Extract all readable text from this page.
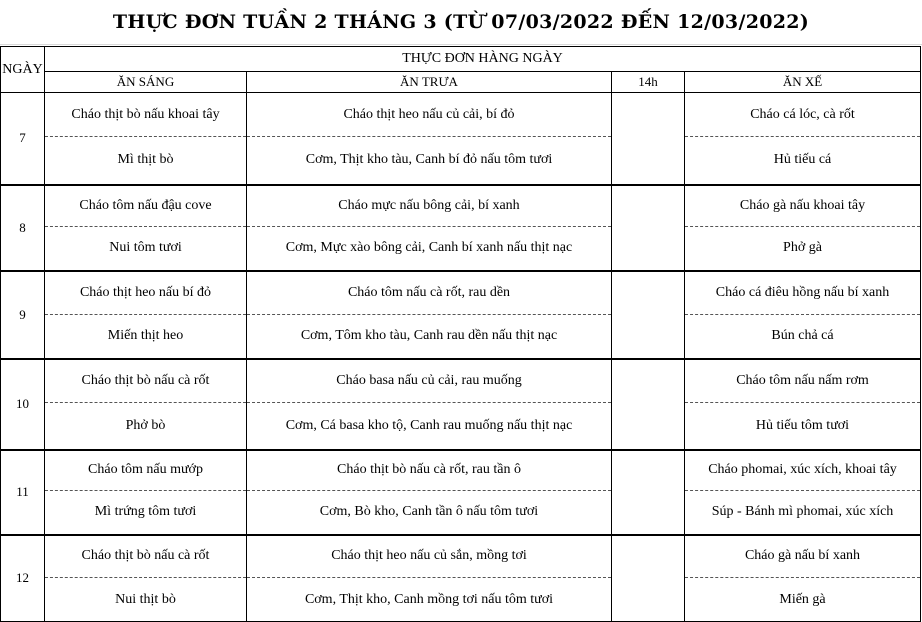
THỰC ĐƠN TUẦN 2 THÁNG 3 (TỪ 07/03/2022 ĐẾN 12/03/2022)
NGÀY	THỰC ĐƠN HÀNG NGÀY			
	ĂN SÁNG	ĂN TRƯA	14h	ĂN XẾ
7	Cháo thịt bò nấu khoai tây	Cháo thịt heo nấu củ cải, bí đỏ		Cháo cá lóc, cà rốt
	Mì thịt bò	Cơm, Thịt kho tàu, Canh bí đỏ nấu tôm tươi		Hủ tiếu cá
8	Cháo tôm nấu đậu cove	Cháo mực nấu bông cải, bí xanh		Cháo gà nấu khoai tây
	Nui tôm tươi	Cơm, Mực xào bông cải, Canh bí xanh nấu thịt nạc		Phở gà
9	Cháo thịt heo nấu bí đỏ	Cháo tôm nấu cà rốt, rau dền		Cháo cá điêu hồng nấu bí xanh
	Miến thịt heo	Cơm, Tôm kho tàu, Canh rau dền nấu thịt nạc		Bún chả cá
10	Cháo thịt bò nấu cà rốt	Cháo basa nấu củ cải, rau muống		Cháo tôm nấu nấm rơm
	Phở bò	Cơm, Cá basa kho tộ, Canh rau muống nấu thịt nạc		Hủ tiếu tôm tươi
11	Cháo tôm nấu mướp	Cháo thịt bò nấu cà rốt, rau tần ô		Cháo phomai, xúc xích, khoai tây
	Mì trứng tôm tươi	Cơm, Bò kho, Canh tần ô nấu tôm tươi		Súp - Bánh mì phomai, xúc xích
12	Cháo thịt bò nấu cà rốt	Cháo thịt heo nấu củ sắn, mồng tơi		Cháo gà nấu bí xanh
	Nui thịt bò	Cơm, Thịt kho, Canh mồng tơi nấu tôm tươi		Miến gà
